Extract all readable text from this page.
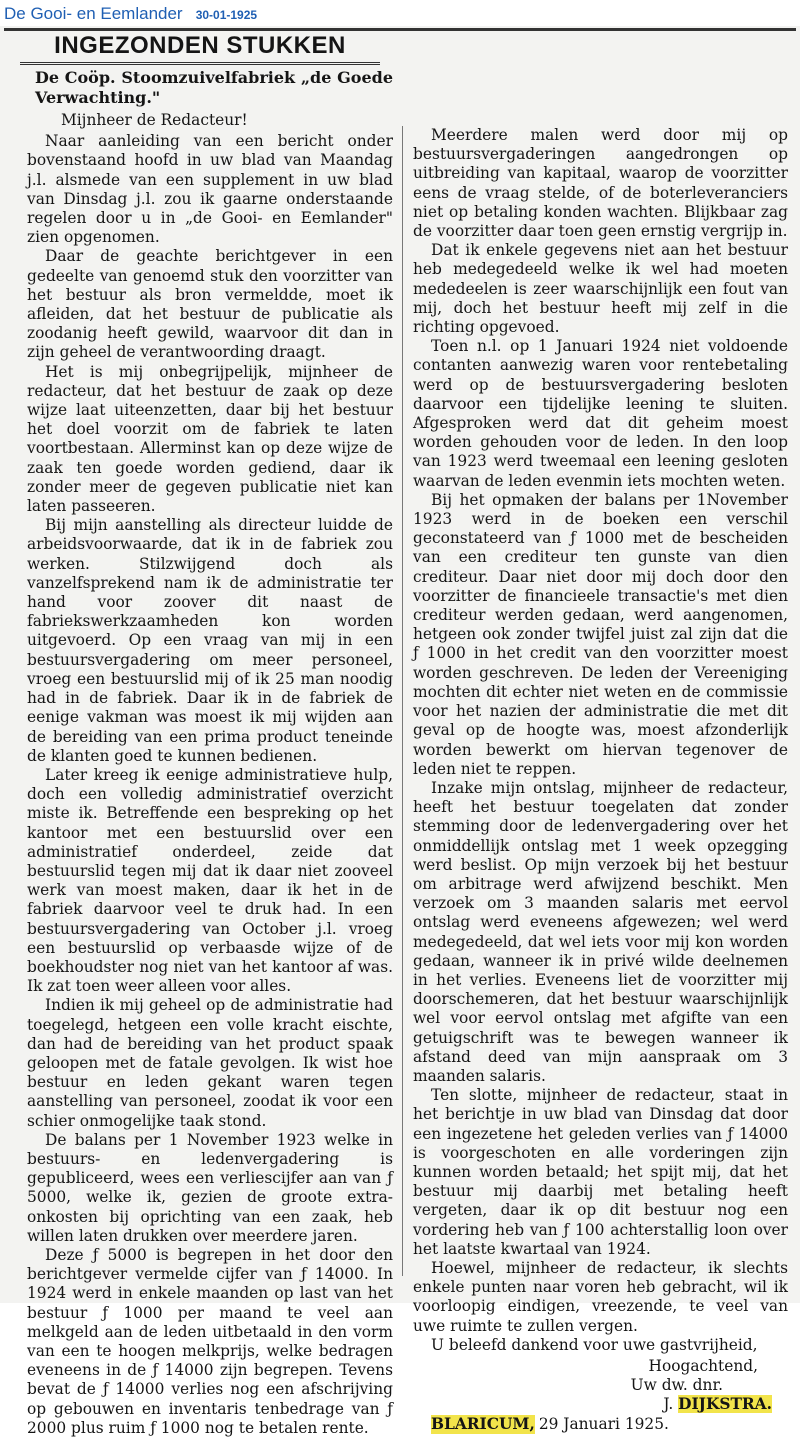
De Gooi- en Eemlander 30-01-1925
INGEZONDEN STUKKEN
De Coöp. Stoomzuivelfabriek „de Goede Verwachting."
Mijnheer de Redacteur!

Naar aanleiding van een bericht onder bovenstaand hoofd in uw blad van Maandag j.l. alsmede van een supplement in uw blad van Dinsdag j.l. zou ik gaarne onderstaande regelen door u in „de Gooi- en Eemlander" zien opgenomen.

Daar de geachte berichtgever in een gedeelte van genoemd stuk den voorzitter van het bestuur als bron vermeldde, moet ik afleiden, dat het bestuur de publicatie als zoodanig heeft gewild, waarvoor dit dan in zijn geheel de verantwoording draagt.

Het is mij onbegrijpelijk, mijnheer de redacteur, dat het bestuur de zaak op deze wijze laat uiteenzetten, daar bij het bestuur het doel voorzit om de fabriek te laten voortbestaan. Allerminst kan op deze wijze de zaak ten goede worden gediend, daar ik zonder meer de gegeven publicatie niet kan laten passeeren.

Bij mijn aanstelling als directeur luidde de arbeidsvoorwaarde, dat ik in de fabriek zou werken. Stilzwijgend doch als vanzelfsprekend nam ik de administratie ter hand voor zoover dit naast de fabriekswerkzaamheden kon worden uitgevoerd. Op een vraag van mij in een bestuursvergadering om meer personeel, vroeg een bestuurslid mij of ik 25 man noodig had in de fabriek. Daar ik in de fabriek de eenige vakman was moest ik mij wijden aan de bereiding van een prima product teneinde de klanten goed te kunnen bedienen.

Later kreeg ik eenige administratieve hulp, doch een volledig administratief overzicht miste ik. Betreffende een bespreking op het kantoor met een bestuurslid over een administratief onderdeel, zeide dat bestuurslid tegen mij dat ik daar niet zooveel werk van moest maken, daar ik het in de fabriek daarvoor veel te druk had. In een bestuursvergadering van October j.l. vroeg een bestuurslid op verbaasde wijze of de boekhoudster nog niet van het kantoor af was. Ik zat toen weer alleen voor alles.

Indien ik mij geheel op de administratie had toegelegd, hetgeen een volle kracht eischte, dan had de bereiding van het product spaak geloopen met de fatale gevolgen. Ik wist hoe bestuur en leden gekant waren tegen aanstelling van personeel, zoodat ik voor een schier onmogelijke taak stond.

De balans per 1 November 1923 welke in bestuurs- en ledenvergadering is gepubliceerd, wees een verliescijfer aan van ƒ 5000, welke ik, gezien de groote extra-onkosten bij oprichting van een zaak, heb willen laten drukken over meerdere jaren.

Deze ƒ 5000 is begrepen in het door den berichtgever vermelde cijfer van ƒ 14000. In 1924 werd in enkele maanden op last van het bestuur ƒ 1000 per maand te veel aan melkgeld aan de leden uitbetaald in den vorm van een te hoogen melkprijs, welke bedragen eveneens in de ƒ 14000 zijn begrepen. Tevens bevat de ƒ 14000 verlies nog een afschrijving op gebouwen en inventaris tenbedrage van ƒ 2000 plus ruim ƒ 1000 nog te betalen rente.

Meerdere malen werd door mij op bestuursvergaderingen aangedrongen op uitbreiding van kapitaal, waarop de voorzitter eens de vraag stelde, of de boterleveranciers niet op betaling konden wachten. Blijkbaar zag de voorzitter daar toen geen ernstig vergrijp in.

Dat ik enkele gegevens niet aan het bestuur heb medegedeeld welke ik wel had moeten mededeelen is zeer waarschijnlijk een fout van mij, doch het bestuur heeft mij zelf in die richting opgevoed.

Toen n.l. op 1 Januari 1924 niet voldoende contanten aanwezig waren voor rentebetaling werd op de bestuursvergadering besloten daarvoor een tijdelijke leening te sluiten. Afgesproken werd dat dit geheim moest worden gehouden voor de leden. In den loop van 1923 werd tweemaal een leening gesloten waarvan de leden evenmin iets mochten weten.

Bij het opmaken der balans per 1November 1923 werd in de boeken een verschil geconstateerd van ƒ 1000 met de bescheiden van een crediteur ten gunste van dien crediteur. Daar niet door mij doch door den voorzitter de financieele transactie's met dien crediteur werden gedaan, werd aangenomen, hetgeen ook zonder twijfel juist zal zijn dat die ƒ 1000 in het credit van den voorzitter moest worden geschreven. De leden der Vereeniging mochten dit echter niet weten en de commissie voor het nazien der administratie die met dit geval op de hoogte was, moest afzonderlijk worden bewerkt om hiervan tegenover de leden niet te reppen.

Inzake mijn ontslag, mijnheer de redacteur, heeft het bestuur toegelaten dat zonder stemming door de ledenvergadering over het onmiddellijk ontslag met 1 week opzegging werd beslist. Op mijn verzoek bij het bestuur om arbitrage werd afwijzend beschikt. Men verzoek om 3 maanden salaris met eervol ontslag werd eveneens afgewezen; wel werd medegedeeld, dat wel iets voor mij kon worden gedaan, wanneer ik in privé wilde deelnemen in het verlies. Eveneens liet de voorzitter mij doorschemeren, dat het bestuur waarschijnlijk wel voor eervol ontslag met afgifte van een getuigschrift was te bewegen wanneer ik afstand deed van mijn aanspraak om 3 maanden salaris.

Ten slotte, mijnheer de redacteur, staat in het berichtje in uw blad van Dinsdag dat door een ingezetene het geleden verlies van ƒ 14000 is voorgeschoten en alle vorderingen zijn kunnen worden betaald; het spijt mij, dat het bestuur mij daarbij met betaling heeft vergeten, daar ik op dit bestuur nog een vordering heb van ƒ 100 achterstallig loon over het laatste kwartaal van 1924.

Hoewel, mijnheer de redacteur, ik slechts enkele punten naar voren heb gebracht, wil ik voorloopig eindigen, vreezende, te veel van uwe ruimte te zullen vergen.

U beleefd dankend voor uwe gastvrijheid,

Hoogachtend,
Uw dw. dnr.
J. DIJKSTRA.
BLARICUM, 29 Januari 1925.
